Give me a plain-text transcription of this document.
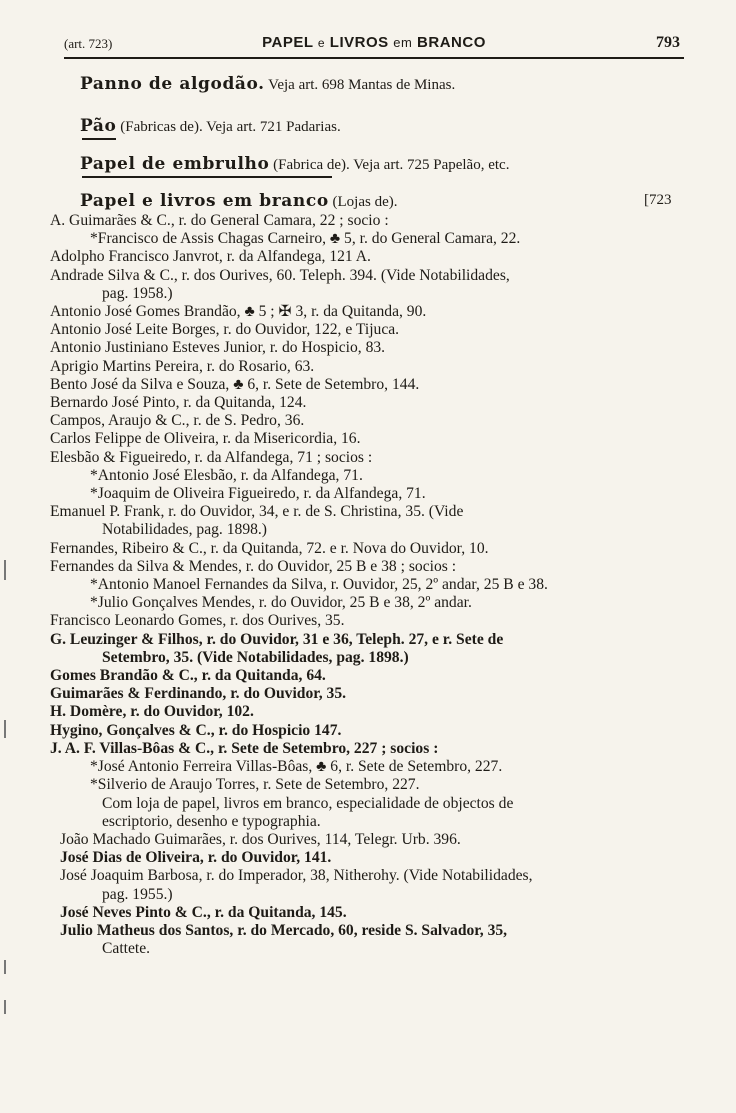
(art. 723)	PAPEL e LIVROS em BRANCO	793
Panno de algodão. Veja art. 698 Mantas de Minas.
Pão (Fabricas de). Veja art. 721 Padarias.
Papel de embrulho (Fabrica de). Veja art. 725 Papelão, etc.
Papel e livros em branco (Lojas de).	[723
A. Guimarães & C., r. do General Camara, 22 ; socio :
*Francisco de Assis Chagas Carneiro, ♣ 5, r. do General Camara, 22.
Adolpho Francisco Janvrot, r. da Alfandega, 121 A.
Andrade Silva & C., r. dos Ourives, 60. Teleph. 394. (Vide Notabilidades,
pag. 1958.)
Antonio José Gomes Brandão, ♣ 5 ; ✠ 3, r. da Quitanda, 90.
Antonio José Leite Borges, r. do Ouvidor, 122, e Tijuca.
Antonio Justiniano Esteves Junior, r. do Hospicio, 83.
Aprigio Martins Pereira, r. do Rosario, 63.
Bento José da Silva e Souza, ♣ 6, r. Sete de Setembro, 144.
Bernardo José Pinto, r. da Quitanda, 124.
Campos, Araujo & C., r. de S. Pedro, 36.
Carlos Felippe de Oliveira, r. da Misericordia, 16.
Elesbão & Figueiredo, r. da Alfandega, 71 ; socios :
*Antonio José Elesbão, r. da Alfandega, 71.
*Joaquim de Oliveira Figueiredo, r. da Alfandega, 71.
Emanuel P. Frank, r. do Ouvidor, 34, e r. de S. Christina, 35. (Vide
Notabilidades, pag. 1898.)
Fernandes, Ribeiro & C., r. da Quitanda, 72. e r. Nova do Ouvidor, 10.
Fernandes da Silva & Mendes, r. do Ouvidor, 25 B e 38 ; socios :
*Antonio Manoel Fernandes da Silva, r. Ouvidor, 25, 2º andar, 25 B e 38.
*Julio Gonçalves Mendes, r. do Ouvidor, 25 B e 38, 2º andar.
Francisco Leonardo Gomes, r. dos Ourives, 35.
G. Leuzinger & Filhos, r. do Ouvidor, 31 e 36, Teleph. 27, e r. Sete de
Setembro, 35. (Vide Notabilidades, pag. 1898.)
Gomes Brandão & C., r. da Quitanda, 64.
Guimarães & Ferdinando, r. do Ouvidor, 35.
H. Domère, r. do Ouvidor, 102.
Hygino, Gonçalves & C., r. do Hospicio 147.
J. A. F. Villas-Bôas & C., r. Sete de Setembro, 227 ; socios :
*José Antonio Ferreira Villas-Bôas, ♣ 6, r. Sete de Setembro, 227.
*Silverio de Araujo Torres, r. Sete de Setembro, 227.
Com loja de papel, livros em branco, especialidade de objectos de
escriptorio, desenho e typographia.
João Machado Guimarães, r. dos Ourives, 114, Telegr. Urb. 396.
José Dias de Oliveira, r. do Ouvidor, 141.
José Joaquim Barbosa, r. do Imperador, 38, Nitherohy. (Vide Notabilidades,
pag. 1955.)
José Neves Pinto & C., r. da Quitanda, 145.
Julio Matheus dos Santos, r. do Mercado, 60, reside S. Salvador, 35,
Cattete.
